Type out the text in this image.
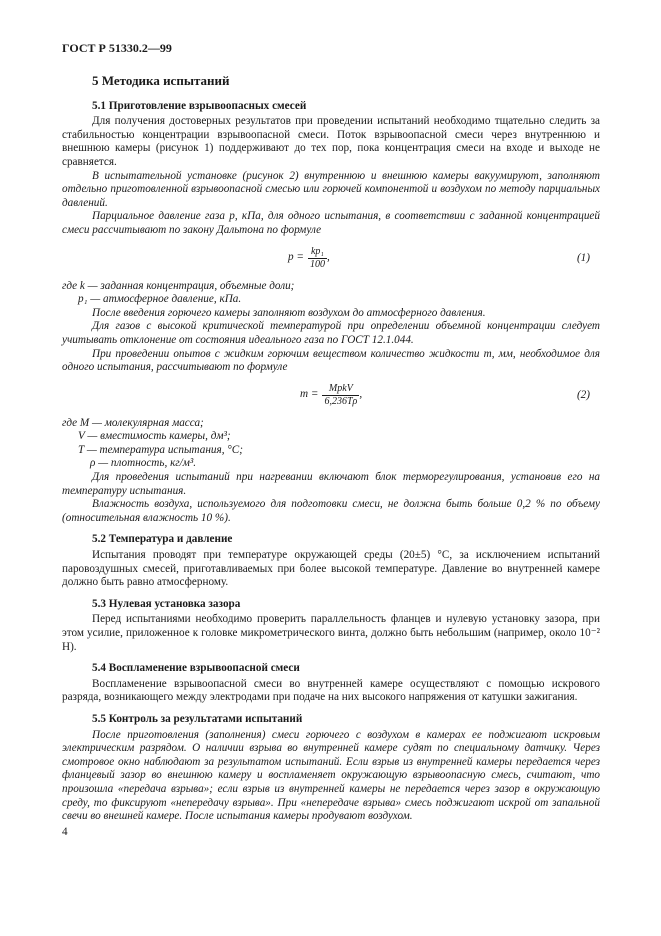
ГОСТ Р 51330.2—99
5 Методика испытаний
5.1 Приготовление взрывоопасных смесей

Для получения достоверных результатов при проведении испытаний необходимо тщательно следить за стабильностью концентрации взрывоопасной смеси. Поток взрывоопасной смеси через внутреннюю и внешнюю камеры (рисунок 1) поддерживают до тех пор, пока концентрация смеси на входе и выходе не сравняется.

В испытательной установке (рисунок 2) внутреннюю и внешнюю камеры вакуумируют, заполняют отдельно приготовленной взрывоопасной смесью или горючей компонентой и воздухом по методу парциальных давлений.

Парциальное давление газа p, кПа, для одного испытания, в соответствии с заданной концентрацией смеси рассчитывают по закону Дальтона по формуле

$p = \frac{\text{kp₁}}{100}$ ,	(1)

где k — заданная концентрация, объемные доли;

p₁ — атмосферное давление, кПа.

После введения горючего камеры заполняют воздухом до атмосферного давления.

Для газов с высокой критической температурой при определении объемной концентрации следует учитывать отклонение от состояния идеального газа по ГОСТ 12.1.044.

При проведении опытов с жидким горючим веществом количество жидкости m, мм, необходимое для одного испытания, рассчитывают по формуле

$m = \frac{\text{MpkV}}{6,236T\rho}$ ,	(2)

где M — молекулярная масса;

V — вместимость камеры, дм³;

T — температура испытания, °С;

ρ — плотность, кг/м³.

Для проведения испытаний при нагревании включают блок терморегулирования, установив его на температуру испытания.

Влажность воздуха, используемого для подготовки смеси, не должна быть больше 0,2 % по объему (относительная влажность 10 %).

5.2 Температура и давление

Испытания проводят при температуре окружающей среды (20±5) °С, за исключением испытаний паровоздушных смесей, приготавливаемых при более высокой температуре. Давление во внутренней камере должно быть равно атмосферному.

5.3 Нулевая установка зазора

Перед испытаниями необходимо проверить параллельность фланцев и нулевую установку зазора, при этом усилие, приложенное к головке микрометрического винта, должно быть небольшим (например, около 10⁻² Н).

5.4 Воспламенение взрывоопасной смеси

Воспламенение взрывоопасной смеси во внутренней камере осуществляют с помощью искрового разряда, возникающего между электродами при подаче на них высокого напряжения от катушки зажигания.

5.5 Контроль за результатами испытаний

После приготовления (заполнения) смеси горючего с воздухом в камерах ее поджигают искровым электрическим разрядом. О наличии взрыва во внутренней камере судят по специальному датчику. Через смотровое окно наблюдают за результатом испытаний. Если взрыв из внутренней камеры передается через фланцевый зазор во внешнюю камеру и воспламеняет окружающую взрывоопасную смесь, считают, что произошла «передача взрыва»; если взрыв из внутренней камеры не передается через зазор в окружающую среду, то фиксируют «непередачу взрыва». При «непередаче взрыва» смесь поджигают искрой от запальной свечи во внешней камере. После испытания камеры продувают воздухом.

4
